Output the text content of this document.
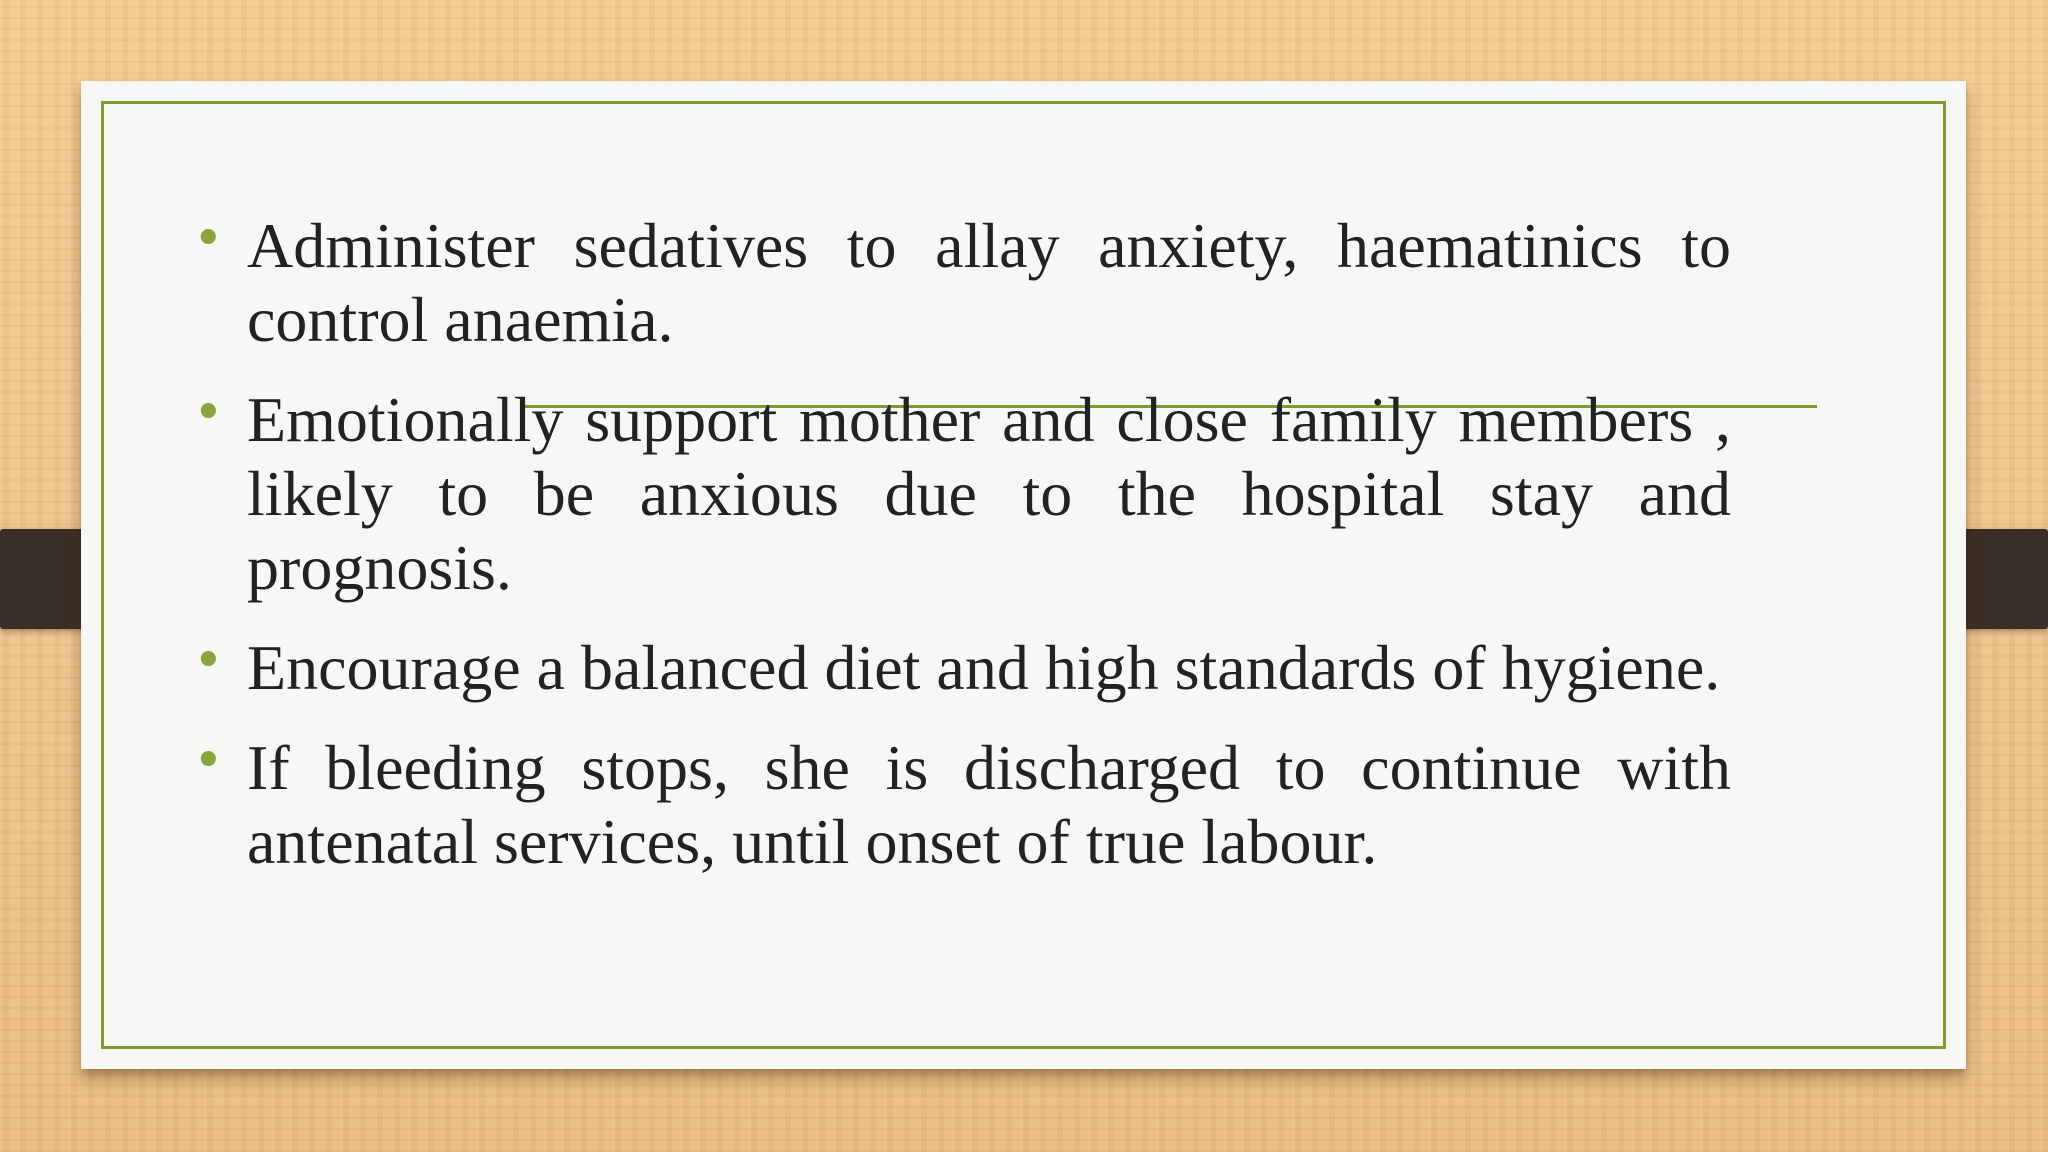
• Administer sedatives to allay anxiety, haematinics to control anaemia.
• Emotionally support mother and close family members , likely to be anxious due to the hospital stay and prognosis.
• Encourage a balanced diet and high standards of hygiene.
• If bleeding stops, she is discharged to continue with antenatal services, until onset of true labour.
